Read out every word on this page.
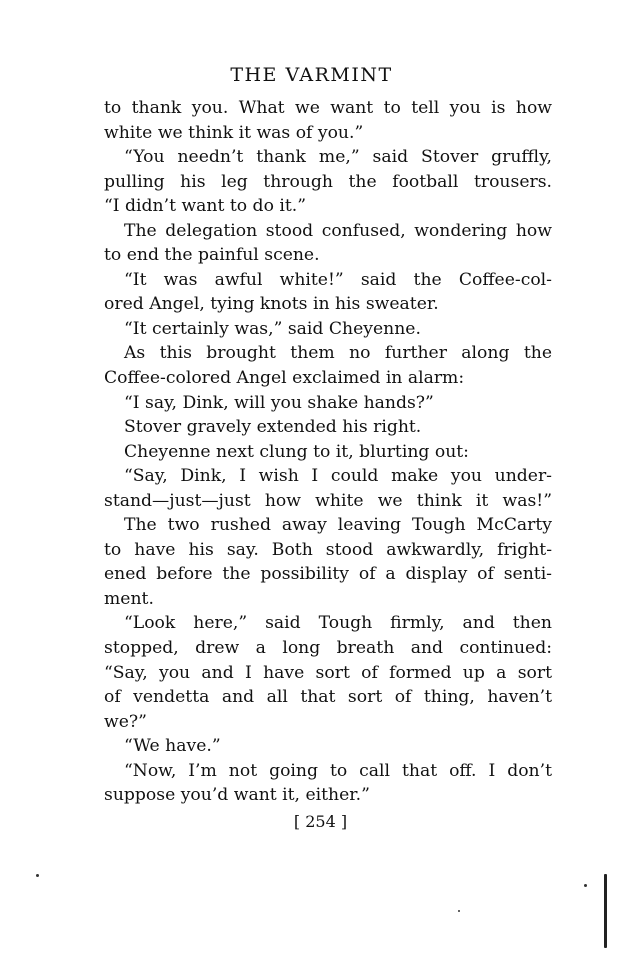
THE VARMINT
to thank you. What we want to tell you is how
white we think it was of you.”
“You needn’t thank me,” said Stover gruffly,
pulling his leg through the football trousers.
“I didn’t want to do it.”
The delegation stood confused, wondering how
to end the painful scene.
“It was awful white!” said the Coffee-col-
ored Angel, tying knots in his sweater.
“It certainly was,” said Cheyenne.
As this brought them no further along the
Coffee-colored Angel exclaimed in alarm:
“I say, Dink, will you shake hands?”
Stover gravely extended his right.
Cheyenne next clung to it, blurting out:
“Say, Dink, I wish I could make you under-
stand—just—just how white we think it was!”
The two rushed away leaving Tough McCarty
to have his say. Both stood awkwardly, fright-
ened before the possibility of a display of senti-
ment.
“Look here,” said Tough firmly, and then
stopped, drew a long breath and continued:
“Say, you and I have sort of formed up a sort
of vendetta and all that sort of thing, haven’t
we?”
“We have.”
“Now, I’m not going to call that off. I don’t
suppose you’d want it, either.”
[ 254 ]
